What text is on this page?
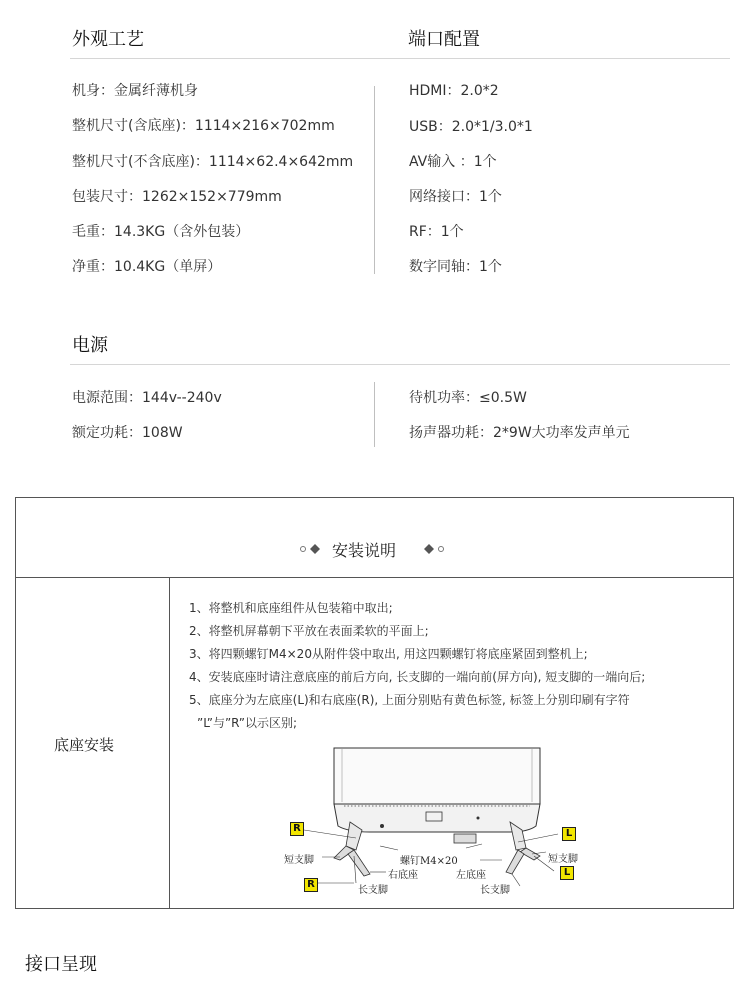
外观工艺	端口配置
机身：金属纤薄机身
整机尺寸(含底座)：1114×216×702mm
整机尺寸(不含底座)：1114×62.4×642mm
包装尺寸：1262×152×779mm
毛重：14.3KG（含外包装）
净重：10.4KG（单屏）
HDMI：2.0*2
USB：2.0*1/3.0*1
AV输入 ：1个
网络接口：1个
RF：1个
数字同轴：1个
电源
电源范围：144v--240v
额定功耗：108W
待机功率：≤0.5W
扬声器功耗：2*9W大功率发声单元
安装说明
底座安装
1、将整机和底座组件从包装箱中取出;
2、将整机屏幕朝下平放在表面柔软的平面上;
3、将四颗螺钉M4×20从附件袋中取出, 用这四颗螺钉将底座紧固到整机上;
4、安装底座时请注意底座的前后方向, 长支脚的一端向前(屏方向), 短支脚的一端向后;
5、底座分为左底座(L)和右底座(R), 上面分别贴有黄色标签, 标签上分别印刷有字符
”L”与”R”以示区别;
R
R
L
L
短支脚
右底座
长支脚
螺钉M4×20
左底座
短支脚
长支脚
接口呈现
